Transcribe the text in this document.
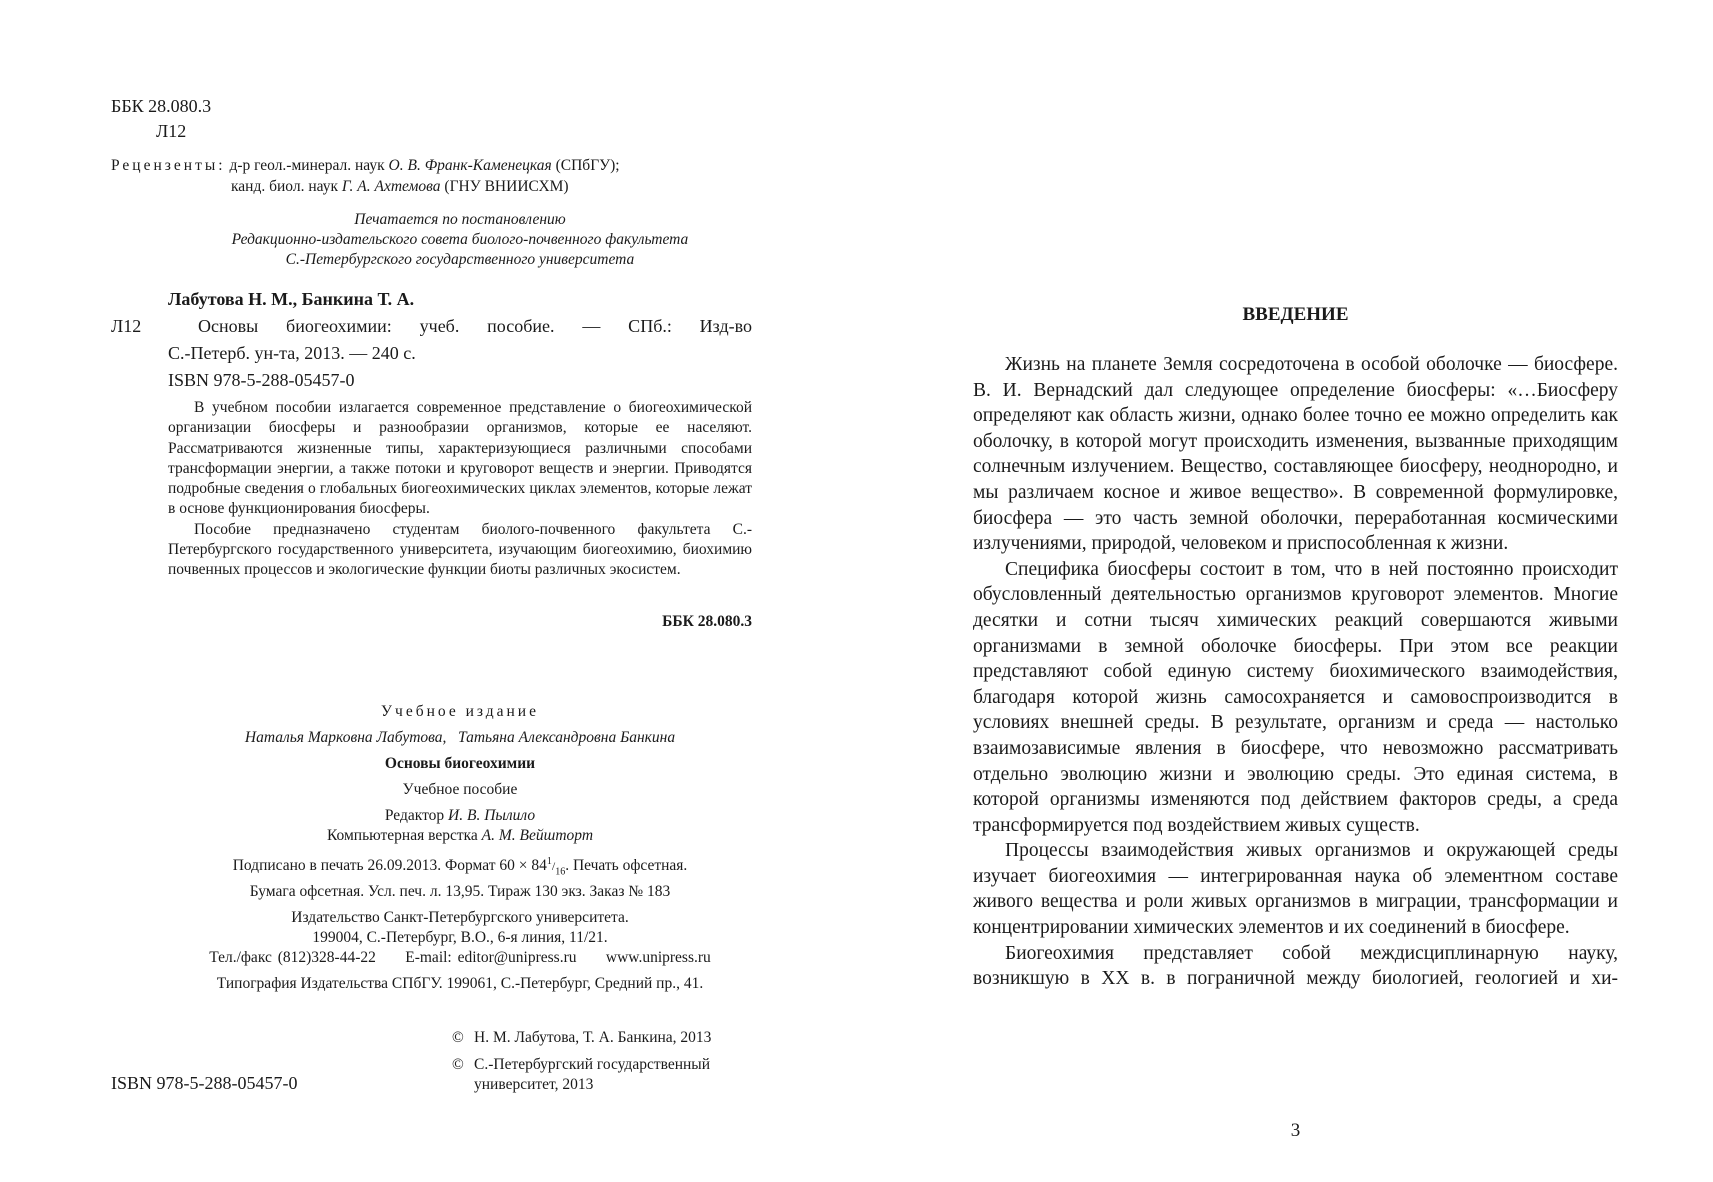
ББК 28.080.3
Л12
Рецензенты: д-р геол.-минерал. наук О. В. Франк-Каменецкая (СПбГУ);
канд. биол. наук Г. А. Ахтемова (ГНУ ВНИИСХМ)
Печатается по постановлению
Редакционно-издательского совета биолого-почвенного факультета
С.-Петербургского государственного университета
Лабутова Н. М., Банкина Т. А.
Л12	Основы биогеохимии: учеб. пособие. — СПб.: Изд-во
С.-Петерб. ун-та, 2013. — 240 с.
ISBN 978-5-288-05457-0

В учебном пособии излагается современное представление о биогеохимической организации биосферы и разнообразии организмов, которые ее населяют. Рассматриваются жизненные типы, характеризующиеся различными способами трансформации энергии, а также потоки и круговорот веществ и энергии. Приводятся подробные сведения о глобальных биогеохимических циклах элементов, которые лежат в основе функционирования биосферы.

Пособие предназначено студентам биолого-почвенного факультета С.-Петербургского государственного университета, изучающим биогеохимию, биохимию почвенных процессов и экологические функции биоты различных экосистем.

ББК 28.080.3
Учебное издание
Наталья Марковна Лабутова,   Татьяна Александровна Банкина
Основы биогеохимии
Учебное пособие
Редактор И. В. Пылило
Компьютерная верстка А. М. Вейшторт
Подписано в печать 26.09.2013. Формат $60 \times 84^1/_{16}$. Печать офсетная.
Бумага офсетная. Усл. печ. л. 13,95. Тираж 130 экз. Заказ № 183
Издательство Санкт-Петербургского университета.
199004, С.-Петербург, В.О., 6-я линия, 11/21.
Тел./факс (812)328-44-22 E-mail: editor@unipress.ru www.unipress.ru
Типография Издательства СПбГУ. 199061, С.-Петербург, Средний пр., 41.
© Н. М. Лабутова, Т. А. Банкина, 2013
© С.-Петербургский государственный
университет, 2013
ISBN 978-5-288-05457-0
ВВЕДЕНИЕ

Жизнь на планете Земля сосредоточена в особой оболочке — биосфере. В. И. Вернадский дал следующее определение биосферы: «…Биосферу определяют как область жизни, однако более точно ее можно определить как оболочку, в которой могут происходить изменения, вызванные приходящим солнечным излучением. Вещество, составляющее биосферу, неоднородно, и мы различаем косное и живое вещество». В современной формулировке, биосфера — это часть земной оболочки, переработанная космическими излучениями, природой, человеком и приспособленная к жизни.

Специфика биосферы состоит в том, что в ней постоянно происходит обусловленный деятельностью организмов круговорот элементов. Многие десятки и сотни тысяч химических реакций совершаются живыми организмами в земной оболочке биосферы. При этом все реакции представляют собой единую систему биохимического взаимодействия, благодаря которой жизнь самосохраняется и самовоспроизводится в условиях внешней среды. В результате, организм и среда — настолько взаимозависимые явления в биосфере, что невозможно рассматривать отдельно эволюцию жизни и эволюцию среды. Это единая система, в которой организмы изменяются под действием факторов среды, а среда трансформируется под воздействием живых существ.

Процессы взаимодействия живых организмов и окружающей среды изучает биогеохимия — интегрированная наука об элементном составе живого вещества и роли живых организмов в миграции, трансформации и концентрировании химических элементов и их соединений в биосфере.

Биогеохимия представляет собой междисциплинарную науку, возникшую в XX в. в пограничной между биологией, геологией и хи-

3
